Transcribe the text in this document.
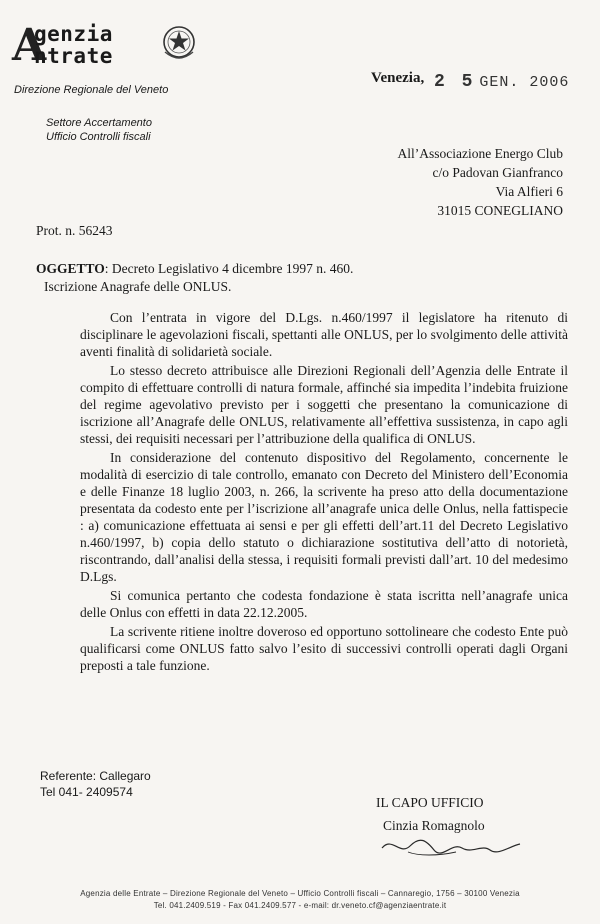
A
genzia
ntrate
Direzione Regionale del Veneto
Settore Accertamento
Ufficio Controlli fiscali
Venezia, 2 5 GEN. 2006
All’Associazione Energo Club
c/o Padovan Gianfranco
Via Alfieri 6
31015 CONEGLIANO
Prot. n. 56243
OGGETTO: Decreto Legislativo 4 dicembre 1997 n. 460.
Iscrizione Anagrafe delle ONLUS.

Con l’entrata in vigore del D.Lgs. n.460/1997 il legislatore ha ritenuto di disciplinare le agevolazioni fiscali, spettanti alle ONLUS, per lo svolgimento delle attività aventi finalità di solidarietà sociale.

Lo stesso decreto attribuisce alle Direzioni Regionali dell’Agenzia delle Entrate il compito di effettuare controlli di natura formale, affinché sia impedita l’indebita fruizione del regime agevolativo previsto per i soggetti che presentano la comunicazione di iscrizione all’Anagrafe delle ONLUS, relativamente all’effettiva sussistenza, in capo agli stessi, dei requisiti necessari per l’attribuzione della qualifica di ONLUS.

In considerazione del contenuto dispositivo del Regolamento, concernente le modalità di esercizio di tale controllo, emanato con Decreto del Ministero dell’Economia e delle Finanze 18 luglio 2003, n. 266, la scrivente ha preso atto della documentazione presentata da codesto ente per l’iscrizione all’anagrafe unica delle Onlus, nella fattispecie : a) comunicazione effettuata ai sensi e per gli effetti dell’art.11 del Decreto Legislativo n.460/1997, b) copia dello statuto o dichiarazione sostitutiva dell’atto di notorietà, riscontrando, dall’analisi della stessa, i requisiti formali previsti dall’art. 10 del medesimo D.Lgs.

Si comunica pertanto che codesta fondazione è stata iscritta nell’anagrafe unica delle Onlus con effetti in data 22.12.2005.

La scrivente ritiene inoltre doveroso ed opportuno sottolineare che codesto Ente può qualificarsi come ONLUS fatto salvo l’esito di successivi controlli operati dagli Organi preposti a tale funzione.

Referente: Callegaro
Tel 041- 2409574
IL CAPO UFFICIO
Cinzia Romagnolo
Agenzia delle Entrate – Direzione Regionale del Veneto – Ufficio Controlli fiscali – Cannaregio, 1756 – 30100 Venezia
Tel. 041.2409.519 - Fax 041.2409.577 - e-mail: dr.veneto.cf@agenziaentrate.it
